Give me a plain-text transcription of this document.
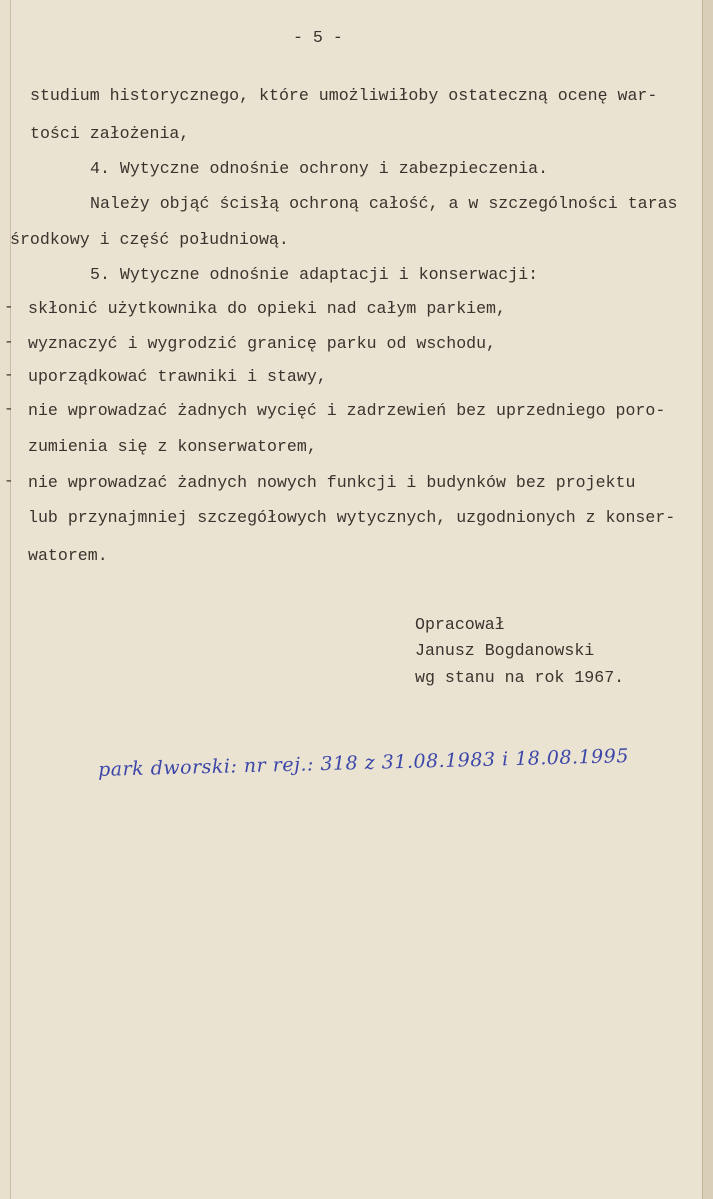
- 5 -
studium historycznego, które umożliwiłoby ostateczną ocenę war-
tości założenia,
4. Wytyczne odnośnie ochrony i zabezpieczenia.
Należy objąć ścisłą ochroną całość, a w szczególności taras
środkowy i część południową.
5. Wytyczne odnośnie adaptacji i konserwacji:
- skłonić użytkownika do opieki nad całym parkiem,
- wyznaczyć i wygrodzić granicę parku od wschodu,
- uporządkować trawniki i stawy,
- nie wprowadzać żadnych wycięć i zadrzewień bez uprzedniego poro-
zumienia się z konserwatorem,
- nie wprowadzać żadnych nowych funkcji i budynków bez projektu
lub przynajmniej szczegółowych wytycznych, uzgodnionych z konser-
watorem.
Opracował
Janusz Bogdanowski
wg stanu na rok 1967.
park dworski: nr rej.: 318 z 31.08.1983 i 18.08.1995
